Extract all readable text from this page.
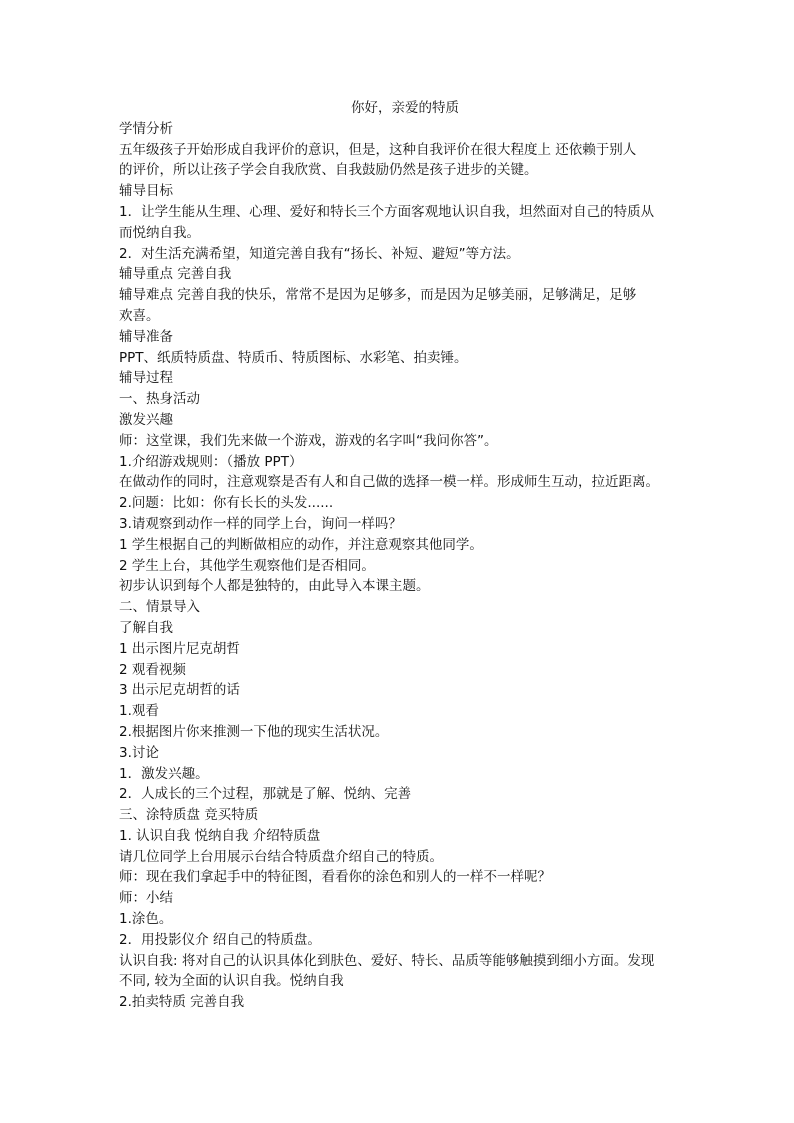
你好，亲爱的特质
学情分析
五年级孩子开始形成自我评价的意识，但是，这种自我评价在很大程度上 还依赖于别人
的评价，所以让孩子学会自我欣赏、自我鼓励仍然是孩子进步的关键。
辅导目标
1．让学生能从生理、心理、爱好和特长三个方面客观地认识自我，坦然面对自己的特质从
而悦纳自我。
2．对生活充满希望，知道完善自我有“扬长、补短、避短”等方法。
辅导重点 完善自我
辅导难点 完善自我的快乐，常常不是因为足够多，而是因为足够美丽，足够满足，足够
欢喜。
辅导准备
PPT、纸质特质盘、特质币、特质图标、水彩笔、拍卖锤。
辅导过程
一、热身活动
激发兴趣
师：这堂课，我们先来做一个游戏，游戏的名字叫“我问你答”。
1.介绍游戏规则：（播放 PPT）
在做动作的同时，注意观察是否有人和自己做的选择一模一样。形成师生互动，拉近距离。
2.问题：比如：你有长长的头发......
3.请观察到动作一样的同学上台，询问一样吗？
1 学生根据自己的判断做相应的动作，并注意观察其他同学。
2 学生上台，其他学生观察他们是否相同。
初步认识到每个人都是独特的，由此导入本课主题。
二、情景导入
了解自我
1 出示图片尼克胡哲
2 观看视频
3 出示尼克胡哲的话
1.观看
2.根据图片你来推测一下他的现实生活状况。
3.讨论
1．激发兴趣。
2．人成长的三个过程，那就是了解、悦纳、完善
三、涂特质盘 竞买特质
1. 认识自我 悦纳自我 介绍特质盘
请几位同学上台用展示台结合特质盘介绍自己的特质。
师：现在我们拿起手中的特征图，看看你的涂色和别人的一样不一样呢？
师：小结
1.涂色。
2．用投影仪介 绍自己的特质盘。
认识自我: 将对自己的认识具体化到肤色、爱好、特长、品质等能够触摸到细小方面。发现
不同, 较为全面的认识自我。悦纳自我
2.拍卖特质 完善自我
